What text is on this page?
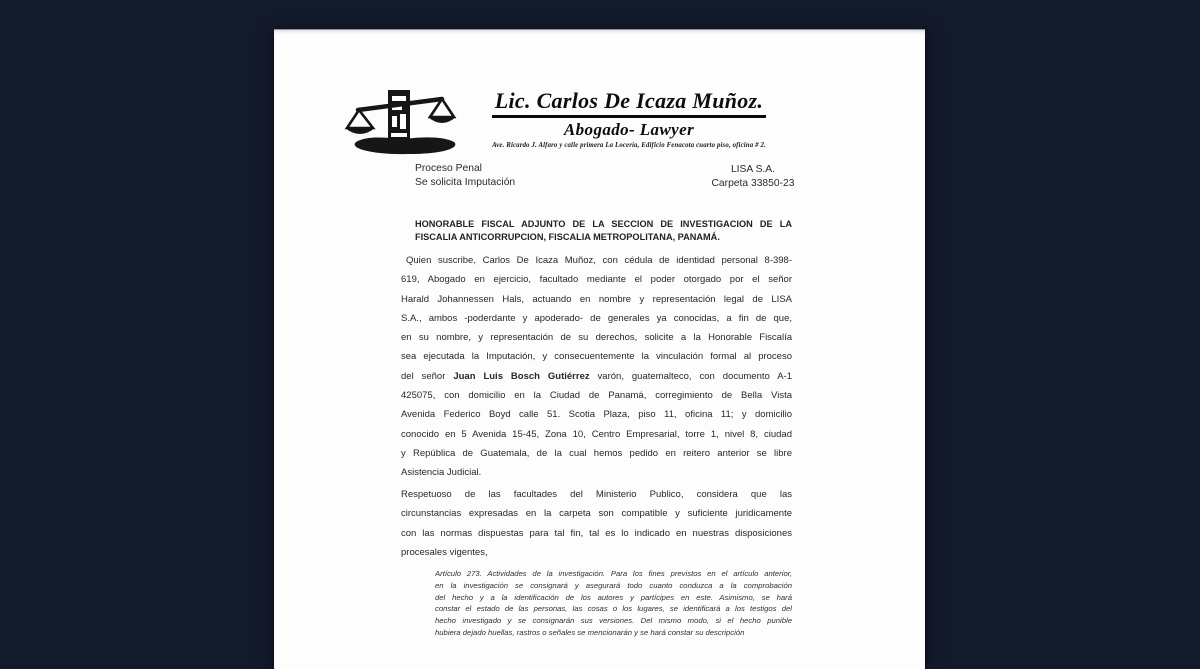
Lic. Carlos De Icaza Muñoz.
Abogado- Lawyer
Ave. Ricardo J. Alfaro y calle primera La Locería, Edificio Fenacota cuarto piso, oficina # 2.
Proceso Penal
Se solicita Imputación
LISA S.A.
Carpeta 33850-23
HONORABLE FISCAL ADJUNTO DE LA SECCION DE INVESTIGACION DE LA
FISCALIA ANTICORRUPCION, FISCALIA METROPOLITANA, PANAMÁ.
Quien suscribe, Carlos De Icaza Muñoz, con cédula de identidad personal 8-398-
619, Abogado en ejercicio, facultado mediante el poder otorgado por el señor
Harald Johannessen Hals, actuando en nombre y representación legal de LISA
S.A., ambos -poderdante y apoderado- de generales ya conocidas, a fin de que,
en su nombre, y representación de su derechos, solicite a la Honorable Fiscalía
sea ejecutada la Imputación, y consecuentemente la vinculación formal al proceso
del señor Juan Luis Bosch Gutiérrez varón, guatemalteco, con documento A-1
425075, con domicilio en la Ciudad de Panamá, corregimiento de Bella Vista
Avenida Federico Boyd calle 51. Scotia Plaza, piso 11, oficina 11; y domicilio
conocido en 5 Avenida 15-45, Zona 10, Centro Empresarial, torre 1, nivel 8, ciudad
y República de Guatemala, de la cual hemos pedido en reitero anterior se libre
Asistencia Judicial.
Respetuoso de las facultades del Ministerio Publico, considera que las
circunstancias expresadas en la carpeta son compatible y suficiente juridicamente
con las normas dispuestas para tal fin, tal es lo indicado en nuestras disposiciones
procesales vigentes,
Artículo 273. Actividades de la investigación. Para los fines previstos en el artículo anterior,
en la investigación se consignará y asegurará todo cuanto conduzca a la comprobación
del hecho y a la identificación de los autores y partícipes en este. Asimismo, se hará
constar el estado de las personas, las cosas o los lugares, se identificará a los testigos del
hecho investigado y se consignarán sus versiones. Del mismo modo, si el hecho punible
hubiera dejado huellas, rastros o señales se mencionarán y se hará constar su descripción
